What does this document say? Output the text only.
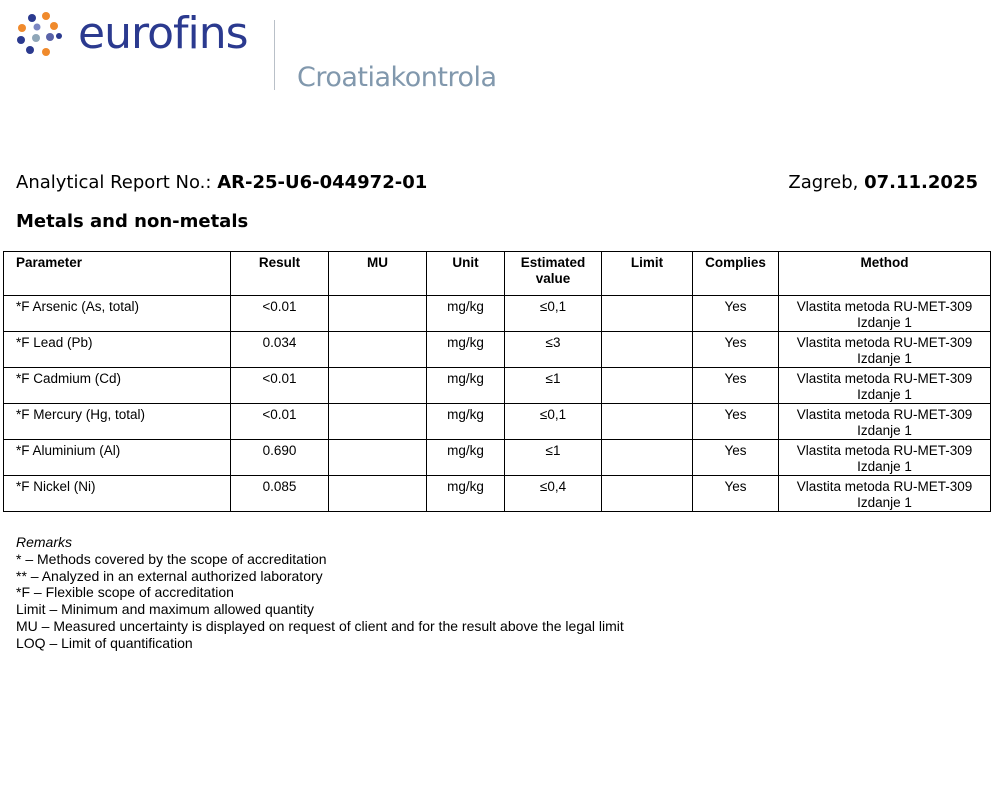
eurofins
Croatiakontrola
Analytical Report No.: AR-25-U6-044972-01	Zagreb, 07.11.2025
Metals and non-metals
Parameter	Result	MU	Unit	Estimated value	Limit	Complies	Method
*F Arsenic (As, total)	<0.01		mg/kg	≤0,1		Yes	Vlastita metoda RU-MET-309
Izdanje 1

*F Lead (Pb)	0.034		mg/kg	≤3		Yes	Vlastita metoda RU-MET-309
Izdanje 1

*F Cadmium (Cd)	<0.01		mg/kg	≤1		Yes	Vlastita metoda RU-MET-309
Izdanje 1

*F Mercury (Hg, total)	<0.01		mg/kg	≤0,1		Yes	Vlastita metoda RU-MET-309
Izdanje 1

*F Aluminium (Al)	0.690		mg/kg	≤1		Yes	Vlastita metoda RU-MET-309
Izdanje 1

*F Nickel (Ni)	0.085		mg/kg	≤0,4		Yes	Vlastita metoda RU-MET-309
Izdanje 1
Remarks
* – Methods covered by the scope of accreditation
** – Analyzed in an external authorized laboratory
*F – Flexible scope of accreditation
Limit – Minimum and maximum allowed quantity
MU – Measured uncertainty is displayed on request of client and for the result above the legal limit
LOQ – Limit of quantification
